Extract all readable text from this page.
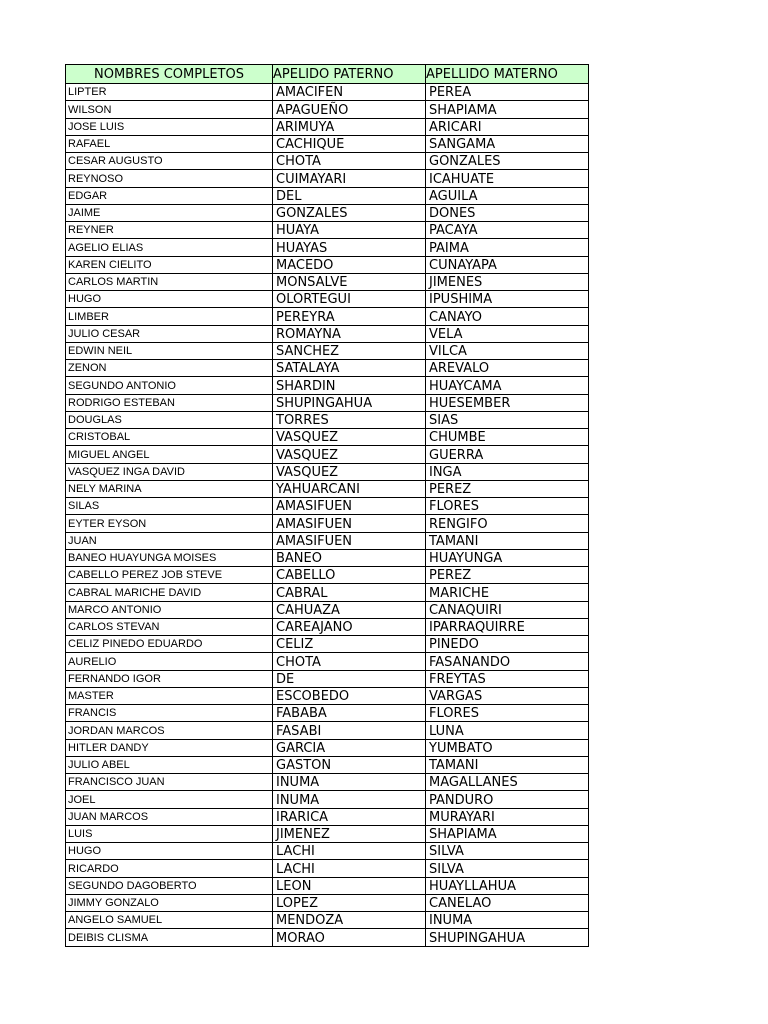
NOMBRES COMPLETOS	APELIDO PATERNO	APELLIDO MATERNO
LIPTER	AMACIFEN	PEREA
WILSON	APAGUEÑO	SHAPIAMA
JOSE LUIS	ARIMUYA	ARICARI
RAFAEL	CACHIQUE	SANGAMA
CESAR AUGUSTO	CHOTA	GONZALES
REYNOSO	CUIMAYARI	ICAHUATE
EDGAR	DEL	AGUILA
JAIME	GONZALES	DONES
REYNER	HUAYA	PACAYA
AGELIO ELIAS	HUAYAS	PAIMA
KAREN CIELITO	MACEDO	CUNAYAPA
CARLOS MARTIN	MONSALVE	JIMENES
HUGO	OLORTEGUI	IPUSHIMA
LIMBER	PEREYRA	CANAYO
JULIO CESAR	ROMAYNA	VELA
EDWIN NEIL	SANCHEZ	VILCA
ZENON	SATALAYA	AREVALO
SEGUNDO ANTONIO	SHARDIN	HUAYCAMA
RODRIGO ESTEBAN	SHUPINGAHUA	HUESEMBER
DOUGLAS	TORRES	SIAS
CRISTOBAL	VASQUEZ	CHUMBE
MIGUEL ANGEL	VASQUEZ	GUERRA
VASQUEZ INGA DAVID	VASQUEZ	INGA
NELY MARINA	YAHUARCANI	PEREZ
SILAS	AMASIFUEN	FLORES
EYTER EYSON	AMASIFUEN	RENGIFO
JUAN	AMASIFUEN	TAMANI
BANEO HUAYUNGA MOISES	BANEO	HUAYUNGA
CABELLO PEREZ JOB STEVE	CABELLO	PEREZ
CABRAL MARICHE DAVID	CABRAL	MARICHE
MARCO ANTONIO	CAHUAZA	CANAQUIRI
CARLOS STEVAN	CAREAJANO	IPARRAQUIRRE
CELIZ PINEDO EDUARDO	CELIZ	PINEDO
AURELIO	CHOTA	FASANANDO
FERNANDO IGOR	DE	FREYTAS
MASTER	ESCOBEDO	VARGAS
FRANCIS	FABABA	FLORES
JORDAN MARCOS	FASABI	LUNA
HITLER DANDY	GARCIA	YUMBATO
JULIO ABEL	GASTON	TAMANI
FRANCISCO JUAN	INUMA	MAGALLANES
JOEL	INUMA	PANDURO
JUAN MARCOS	IRARICA	MURAYARI
LUIS	JIMENEZ	SHAPIAMA
HUGO	LACHI	SILVA
RICARDO	LACHI	SILVA
SEGUNDO DAGOBERTO	LEON	HUAYLLAHUA
JIMMY GONZALO	LOPEZ	CANELAO
ANGELO SAMUEL	MENDOZA	INUMA
DEIBIS CLISMA	MORAO	SHUPINGAHUA
